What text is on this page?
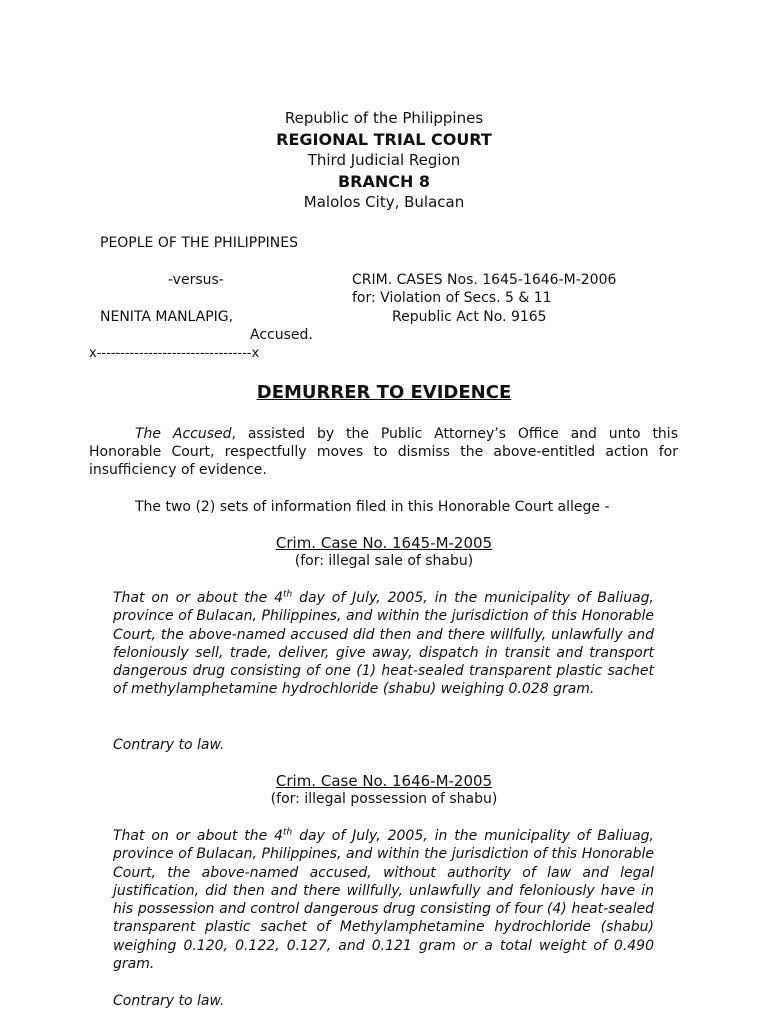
Republic of the Philippines
REGIONAL TRIAL COURT
Third Judicial Region
BRANCH 8
Malolos City, Bulacan
PEOPLE OF THE PHILIPPINES
-versus-
NENITA MANLAPIG,
Accused.
x---------------------------------x
CRIM. CASES Nos. 1645-1646-M-2006
for: Violation of Secs. 5 & 11
Republic Act No. 9165
DEMURRER TO EVIDENCE
The Accused, assisted by the Public Attorney’s Office and unto this Honorable Court, respectfully moves to dismiss the above-entitled action for insufficiency of evidence.
The two (2) sets of information filed in this Honorable Court allege -
Crim. Case No. 1645-M-2005
(for: illegal sale of shabu)
That on or about the 4th day of July, 2005, in the municipality of Baliuag, province of Bulacan, Philippines, and within the jurisdiction of this Honorable Court, the above-named accused did then and there willfully, unlawfully and feloniously sell, trade, deliver, give away, dispatch in transit and transport dangerous drug consisting of one (1) heat-sealed transparent plastic sachet of methylamphetamine hydrochloride (shabu) weighing 0.028 gram.
Contrary to law.
Crim. Case No. 1646-M-2005
(for: illegal possession of shabu)
That on or about the 4th day of July, 2005, in the municipality of Baliuag, province of Bulacan, Philippines, and within the jurisdiction of this Honorable Court, the above-named accused, without authority of law and legal justification, did then and there willfully, unlawfully and feloniously have in his possession and control dangerous drug consisting of four (4) heat-sealed transparent plastic sachet of Methylamphetamine hydrochloride (shabu) weighing 0.120, 0.122, 0.127, and 0.121 gram or a total weight of 0.490 gram.
Contrary to law.
